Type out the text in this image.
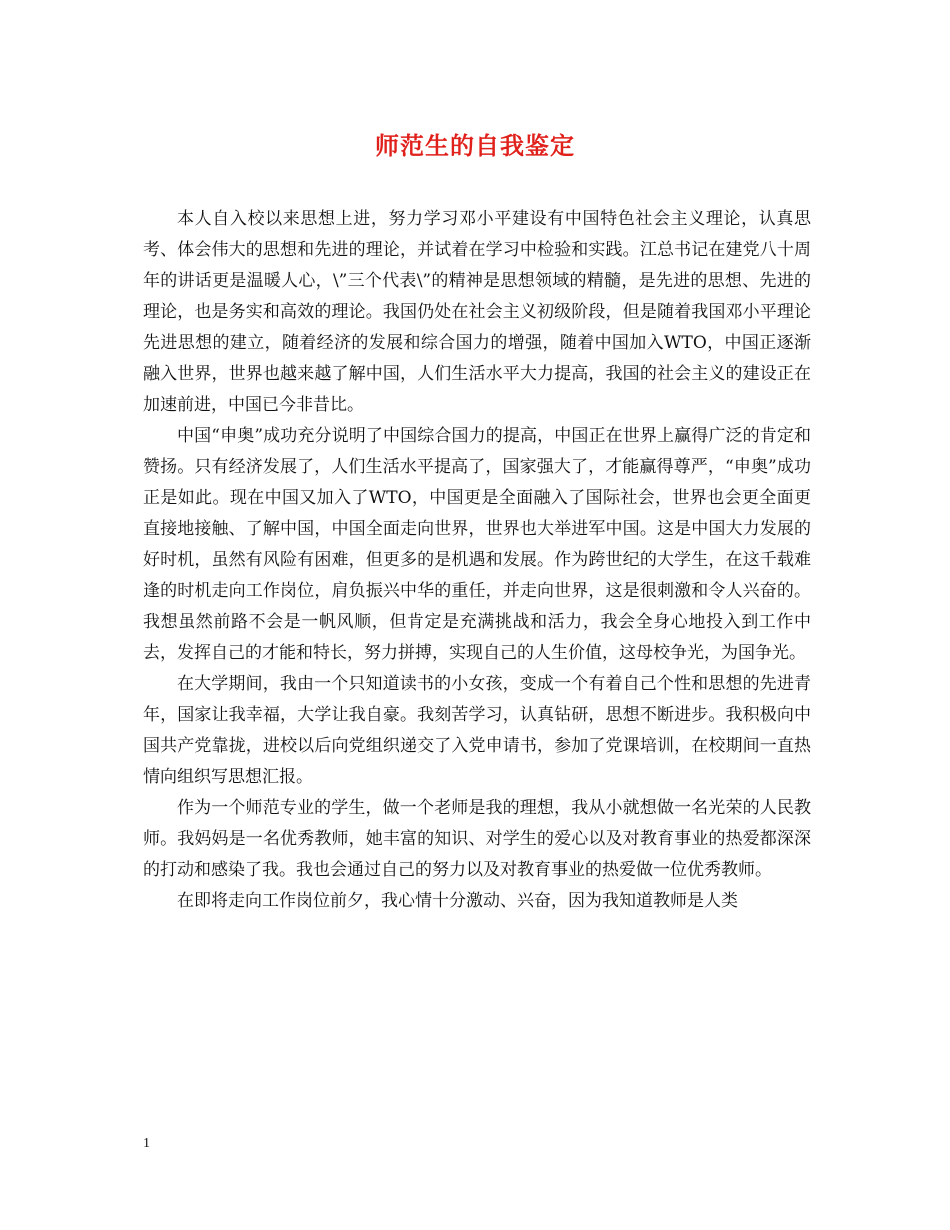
师范生的自我鉴定

本人自入校以来思想上进，努力学习邓小平建设有中国特色社会主义理论，认真思考、体会伟大的思想和先进的理论，并试着在学习中检验和实践。江总书记在建党八十周年的讲话更是温暖人心，\”三个代表\”的精神是思想领域的精髓，是先进的思想、先进的理论，也是务实和高效的理论。我国仍处在社会主义初级阶段，但是随着我国邓小平理论先进思想的建立，随着经济的发展和综合国力的增强，随着中国加入WTO，中国正逐渐融入世界，世界也越来越了解中国，人们生活水平大力提高，我国的社会主义的建设正在加速前进，中国已今非昔比。

中国“申奥”成功充分说明了中国综合国力的提高，中国正在世界上赢得广泛的肯定和赞扬。只有经济发展了，人们生活水平提高了，国家强大了，才能赢得尊严，“申奥”成功正是如此。现在中国又加入了WTO，中国更是全面融入了国际社会，世界也会更全面更直接地接触、了解中国，中国全面走向世界，世界也大举进军中国。这是中国大力发展的好时机，虽然有风险有困难，但更多的是机遇和发展。作为跨世纪的大学生，在这千载难逢的时机走向工作岗位，肩负振兴中华的重任，并走向世界，这是很刺激和令人兴奋的。我想虽然前路不会是一帆风顺，但肯定是充满挑战和活力，我会全身心地投入到工作中去，发挥自己的才能和特长，努力拼搏，实现自己的人生价值，这母校争光，为国争光。

在大学期间，我由一个只知道读书的小女孩，变成一个有着自己个性和思想的先进青年，国家让我幸福，大学让我自豪。我刻苦学习，认真钻研，思想不断进步。我积极向中国共产党靠拢，进校以后向党组织递交了入党申请书，参加了党课培训，在校期间一直热情向组织写思想汇报。

作为一个师范专业的学生，做一个老师是我的理想，我从小就想做一名光荣的人民教师。我妈妈是一名优秀教师，她丰富的知识、对学生的爱心以及对教育事业的热爱都深深的打动和感染了我。我也会通过自己的努力以及对教育事业的热爱做一位优秀教师。

在即将走向工作岗位前夕，我心情十分激动、兴奋，因为我知道教师是人类

1
